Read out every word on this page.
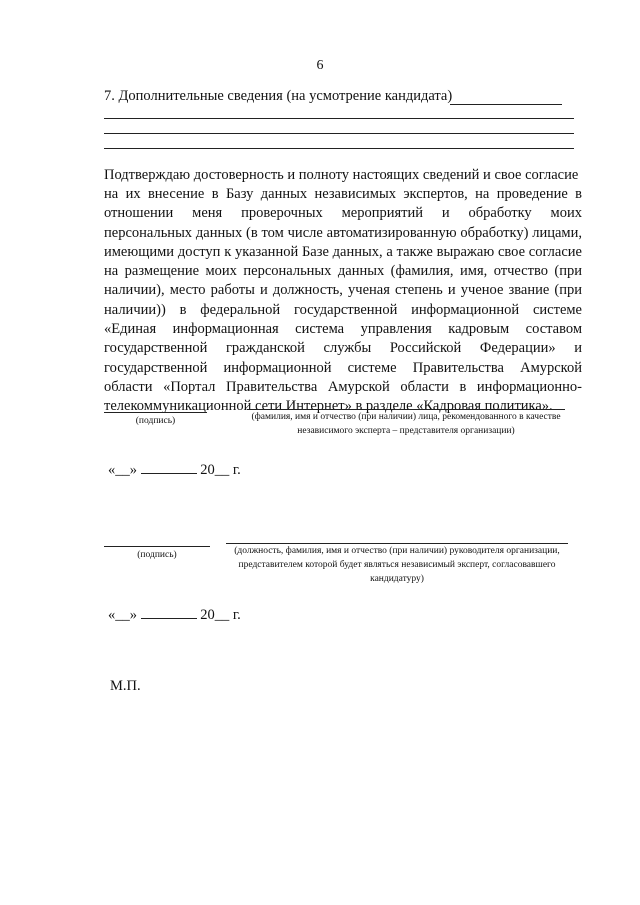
6
7. Дополнительные сведения (на усмотрение кандидата)
Подтверждаю достоверность и полноту настоящих сведений и свое согласие

на их внесение в Базу данных независимых экспертов, на проведение в отношении меня проверочных мероприятий и обработку моих персональных данных (в том числе автоматизированную обработку) лицами, имеющими доступ к указанной Базе данных, а также выражаю свое согласие на размещение моих персональных данных (фамилия, имя, отчество (при наличии), место работы и должность, ученая степень и ученое звание (при наличии)) в федеральной государственной информационной системе «Единая информационная система управления кадровым составом государственной гражданской службы Российской Федерации» и государственной информационной системе Правительства Амурской области «Портал Правительства Амурской области в информационно-телекоммуникационной сети Интернет» в разделе «Кадровая политика».

(подпись)	(фамилия, имя и отчество (при наличии) лица, рекомендованного в качестве независимого эксперта – представителя организации)
«__»	20__ г.
(подпись)	(должность, фамилия, имя и отчество (при наличии) руководителя организации, представителем которой будет являться независимый эксперт, согласовавшего кандидатуру)
«__»	20__ г.
М.П.
